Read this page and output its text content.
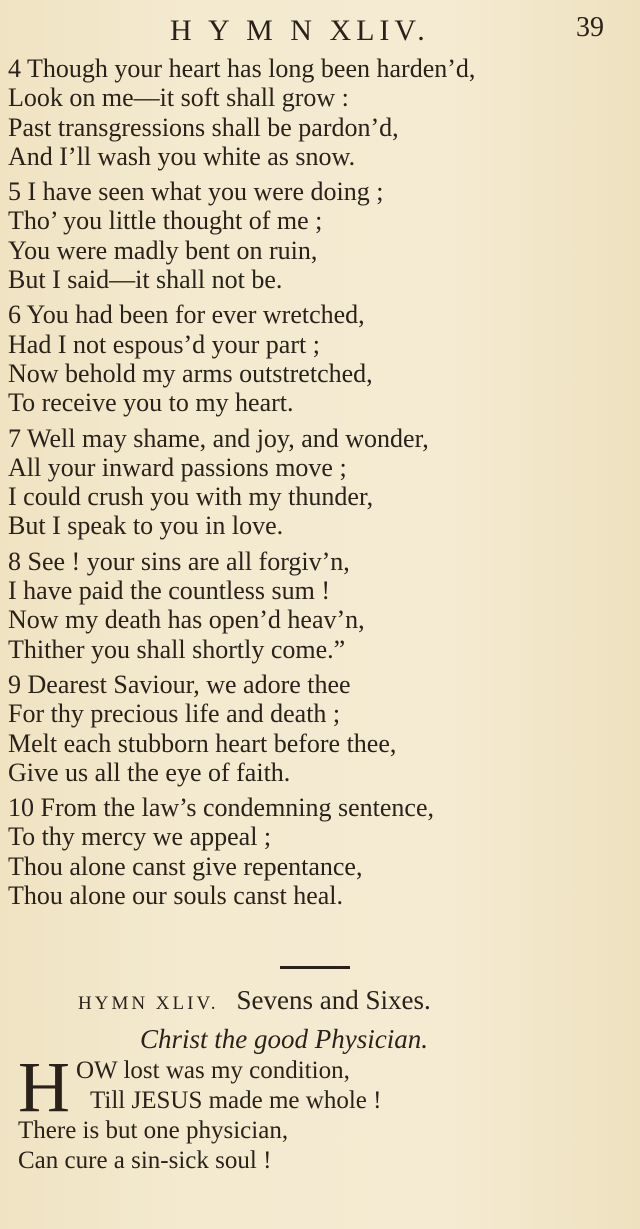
H Y M N XLIV.	39
4 Though your heart has long been harden’d,
Look on me—it soft shall grow :
Past transgressions shall be pardon’d,
And I’ll wash you white as snow.
5 I have seen what you were doing ;
Tho’ you little thought of me ;
You were madly bent on ruin,
But I said—it shall not be.
6 You had been for ever wretched,
Had I not espous’d your part ;
Now behold my arms outstretched,
To receive you to my heart.
7 Well may shame, and joy, and wonder,
All your inward passions move ;
I could crush you with my thunder,
But I speak to you in love.
8 See ! your sins are all forgiv’n,
I have paid the countless sum !
Now my death has open’d heav’n,
Thither you shall shortly come.”
9 Dearest Saviour, we adore thee
For thy precious life and death ;
Melt each stubborn heart before thee,
Give us all the eye of faith.
10 From the law’s condemning sentence,
To thy mercy we appeal ;
Thou alone canst give repentance,
Thou alone our souls canst heal.
HYMN XLIV. Sevens and Sixes.
Christ the good Physician.
H OW lost was my condition,
Till JESUS made me whole !
There is but one physician,
Can cure a sin-sick soul !
